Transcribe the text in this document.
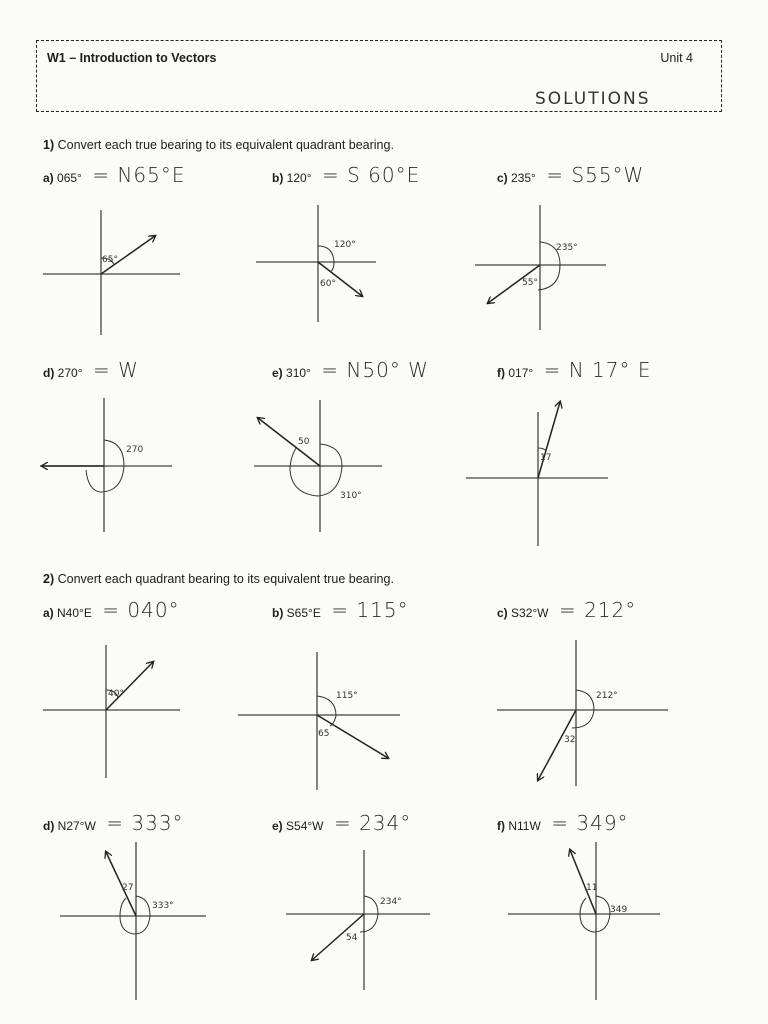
W1 – Introduction to Vectors	Unit 4
SOLUTIONS
1) Convert each true bearing to its equivalent quadrant bearing.
a) 065° = N65°E	b) 120° = S 60°E	c) 235° = S55°W
d) 270° = W	e) 310° = N50° W	f) 017° = N 17° E
2) Convert each quadrant bearing to its equivalent true bearing.
a) N40°E = 040°	b) S65°E = 115°	c) S32°W = 212°
d) N27°W = 333°	e) S54°W = 234°	f) N11W = 349°
65°
120°
60°
235°
55°
270
50
310°
17
40°	115°
65
212°
32
333°
27
234°
54
349
11
